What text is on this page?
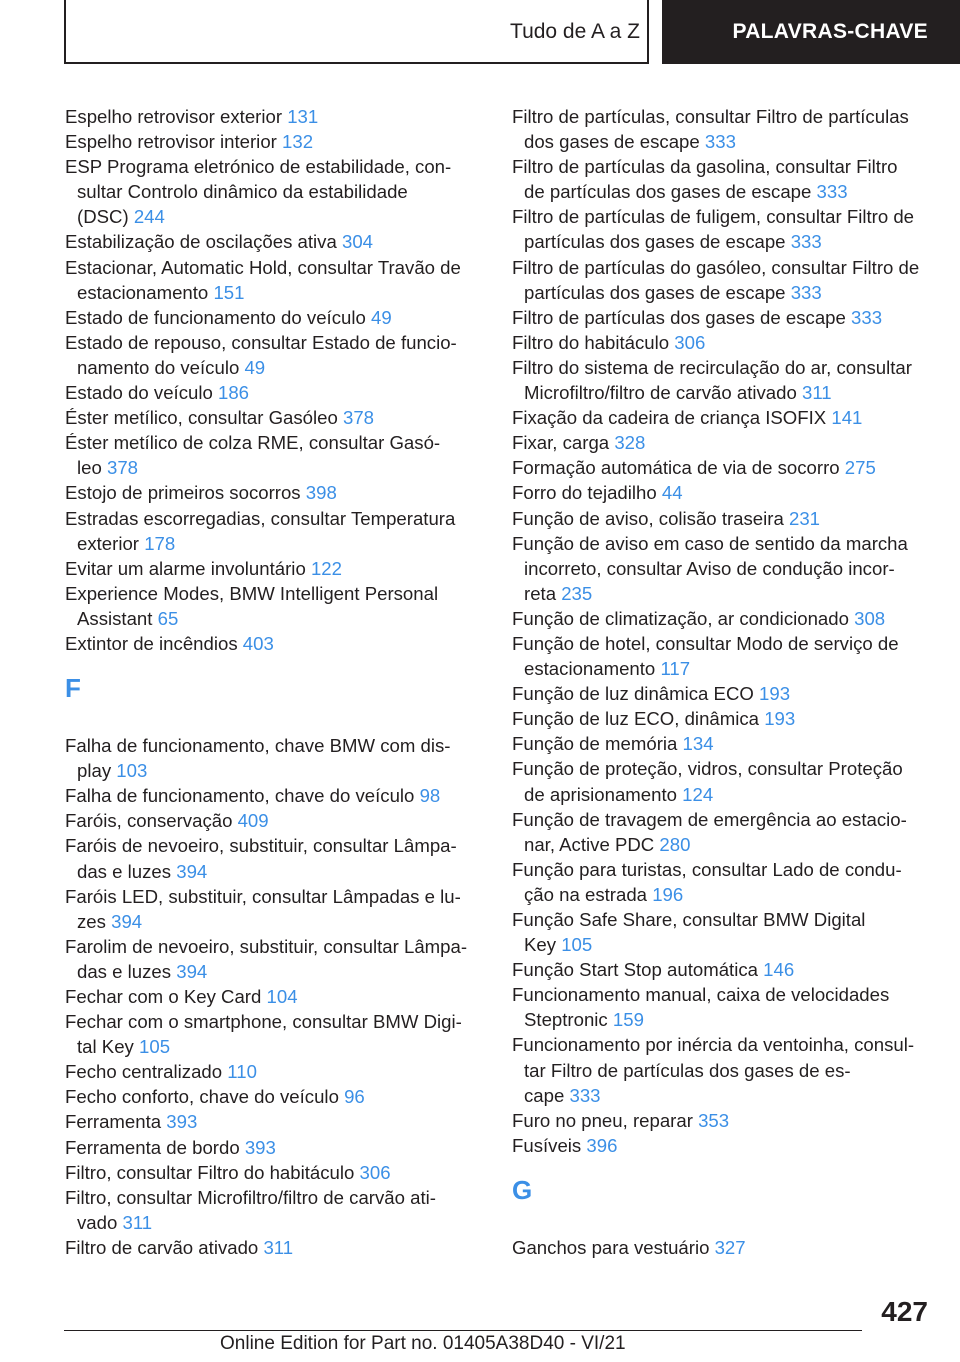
Tudo de A a Z	PALAVRAS-CHAVE
Espelho retrovisor exterior 131
Espelho retrovisor interior 132
ESP Programa eletrónico de estabilidade, con-
sultar Controlo dinâmico da estabilidade
(DSC) 244
Estabilização de oscilações ativa 304
Estacionar, Automatic Hold, consultar Travão de
estacionamento 151
Estado de funcionamento do veículo 49
Estado de repouso, consultar Estado de funcio-
namento do veículo 49
Estado do veículo 186
Éster metílico, consultar Gasóleo 378
Éster metílico de colza RME, consultar Gasó-
leo 378
Estojo de primeiros socorros 398
Estradas escorregadias, consultar Temperatura
exterior 178
Evitar um alarme involuntário 122
Experience Modes, BMW Intelligent Personal
Assistant 65
Extintor de incêndios 403
F
Falha de funcionamento, chave BMW com dis-
play 103
Falha de funcionamento, chave do veículo 98
Faróis, conservação 409
Faróis de nevoeiro, substituir, consultar Lâmpa-
das e luzes 394
Faróis LED, substituir, consultar Lâmpadas e lu-
zes 394
Farolim de nevoeiro, substituir, consultar Lâmpa-
das e luzes 394
Fechar com o Key Card 104
Fechar com o smartphone, consultar BMW Digi-
tal Key 105
Fecho centralizado 110
Fecho conforto, chave do veículo 96
Ferramenta 393
Ferramenta de bordo 393
Filtro, consultar Filtro do habitáculo 306
Filtro, consultar Microfiltro/filtro de carvão ati-
vado 311
Filtro de carvão ativado 311
Filtro de partículas, consultar Filtro de partículas
dos gases de escape 333
Filtro de partículas da gasolina, consultar Filtro
de partículas dos gases de escape 333
Filtro de partículas de fuligem, consultar Filtro de
partículas dos gases de escape 333
Filtro de partículas do gasóleo, consultar Filtro de
partículas dos gases de escape 333
Filtro de partículas dos gases de escape 333
Filtro do habitáculo 306
Filtro do sistema de recirculação do ar, consultar
Microfiltro/filtro de carvão ativado 311
Fixação da cadeira de criança ISOFIX 141
Fixar, carga 328
Formação automática de via de socorro 275
Forro do tejadilho 44
Função de aviso, colisão traseira 231
Função de aviso em caso de sentido da marcha
incorreto, consultar Aviso de condução incor-
reta 235
Função de climatização, ar condicionado 308
Função de hotel, consultar Modo de serviço de
estacionamento 117
Função de luz dinâmica ECO 193
Função de luz ECO, dinâmica 193
Função de memória 134
Função de proteção, vidros, consultar Proteção
de aprisionamento 124
Função de travagem de emergência ao estacio-
nar, Active PDC 280
Função para turistas, consultar Lado de condu-
ção na estrada 196
Função Safe Share, consultar BMW Digital
Key 105
Função Start Stop automática 146
Funcionamento manual, caixa de velocidades
Steptronic 159
Funcionamento por inércia da ventoinha, consul-
tar Filtro de partículas dos gases de es-
cape 333
Furo no pneu, reparar 353
Fusíveis 396
G
Ganchos para vestuário 327
427
Online Edition for Part no. 01405A38D40 - VI/21
